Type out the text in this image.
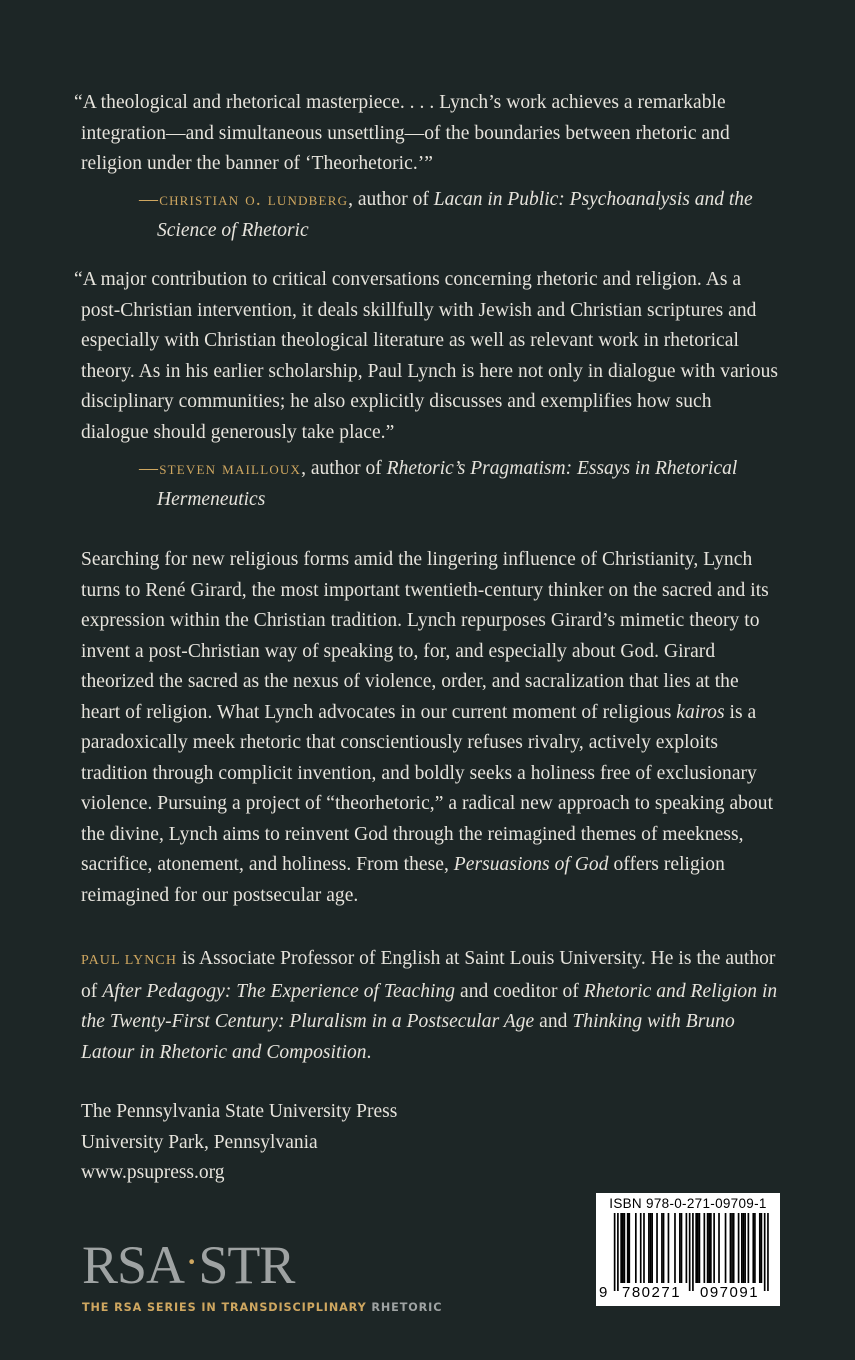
“A theological and rhetorical masterpiece. . . . Lynch’s work achieves a remarkable integration—and simultaneous unsettling—of the boundaries between rhetoric and religion under the banner of ‘Theorhetoric.’”

—christian o. lundberg, author of Lacan in Public: Psychoanalysis and the Science of Rhetoric

“A major contribution to critical conversations concerning rhetoric and religion. As a post-Christian intervention, it deals skillfully with Jewish and Christian scriptures and especially with Christian theological literature as well as relevant work in rhetorical theory. As in his earlier scholarship, Paul Lynch is here not only in dialogue with various disciplinary communities; he also explicitly discusses and exemplifies how such dialogue should generously take place.”

—steven mailloux, author of Rhetoric’s Pragmatism: Essays in Rhetorical Hermeneutics

Searching for new religious forms amid the lingering influence of Christianity, Lynch turns to René Girard, the most important twentieth-century thinker on the sacred and its expression within the Christian tradition. Lynch repurposes Girard’s mimetic theory to invent a post-Christian way of speaking to, for, and especially about God. Girard theorized the sacred as the nexus of violence, order, and sacralization that lies at the heart of religion. What Lynch advocates in our current moment of religious kairos is a paradoxically meek rhetoric that conscientiously refuses rivalry, actively exploits tradition through complicit invention, and boldly seeks a holiness free of exclusionary violence. Pursuing a project of “theorhetoric,” a radical new approach to speaking about the divine, Lynch aims to reinvent God through the reimagined themes of meekness, sacrifice, atonement, and holiness. From these, Persuasions of God offers religion reimagined for our postsecular age.

PAUL LYNCH is Associate Professor of English at Saint Louis University. He is the author of After Pedagogy: The Experience of Teaching and coeditor of Rhetoric and Religion in the Twenty-First Century: Pluralism in a Postsecular Age and Thinking with Bruno Latour in Rhetoric and Composition.

The Pennsylvania State University Press
University Park, Pennsylvania
www.psupress.org
RSA·STR
THE RSA SERIES IN TRANSDISCIPLINARY RHETORIC
ISBN 978-0-271-09709-1
9 780271 097091
